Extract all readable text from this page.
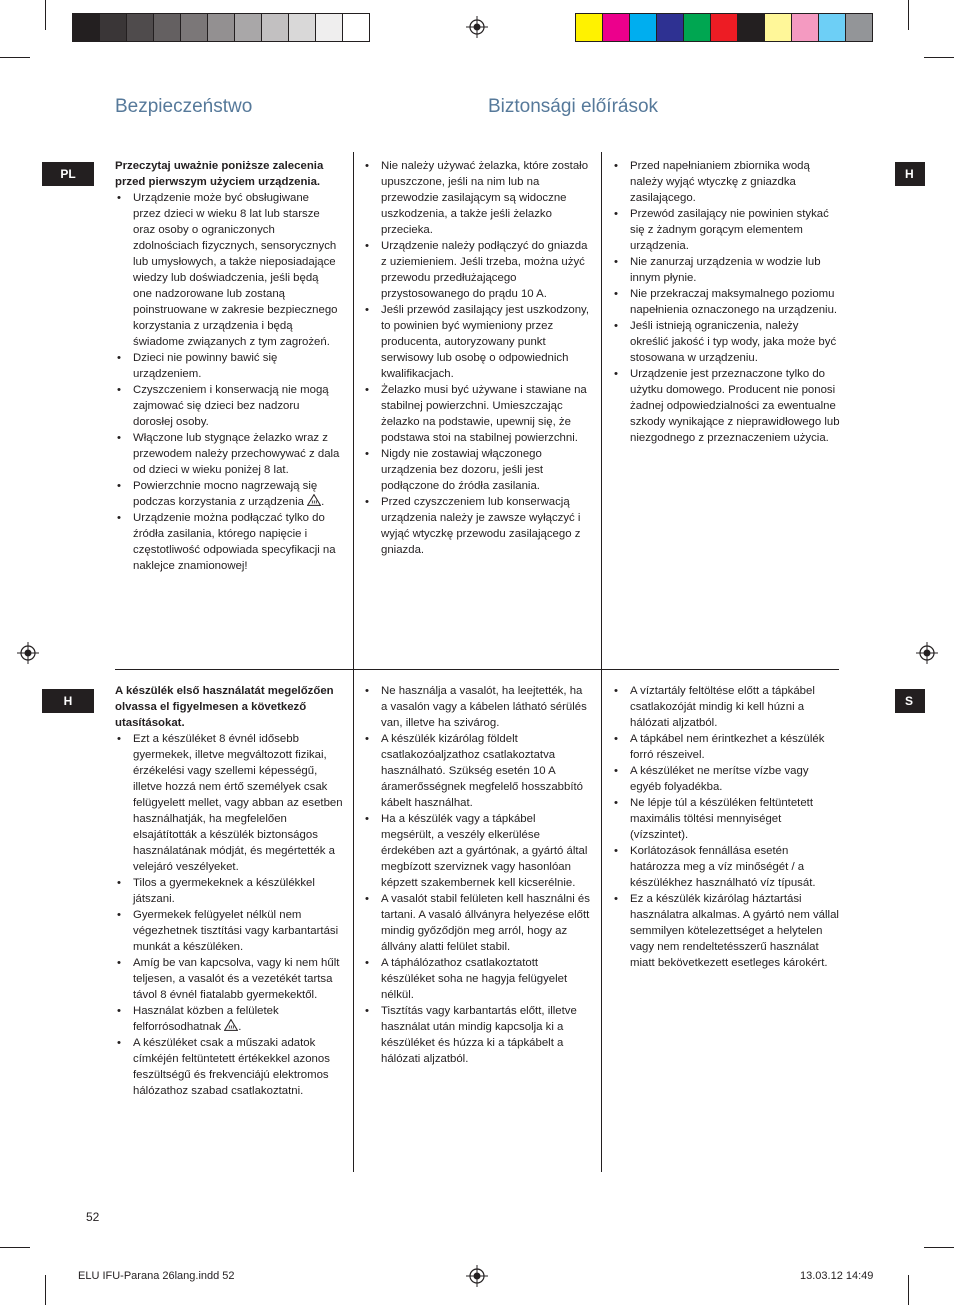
Bezpieczeństwo	Biztonsági előírások
PL	H
H	S
Przeczytaj uważnie poniższe zalecenia przed pierwszym użyciem urządzenia.
• Urządzenie może być obsługiwane przez dzieci w wieku 8 lat lub starsze oraz osoby o ograniczonych zdolnościach fizycznych, sensorycznych lub umysłowych, a także nieposiadające wiedzy lub doświadczenia, jeśli będą one nadzorowane lub zostaną poinstruowane w zakresie bezpiecznego korzystania z urządzenia i będą świadome związanych z tym zagrożeń.
• Dzieci nie powinny bawić się urządzeniem.
• Czyszczeniem i konserwacją nie mogą zajmować się dzieci bez nadzoru dorosłej osoby.
• Włączone lub stygnące żelazko wraz z przewodem należy przechowywać z dala od dzieci w wieku poniżej 8 lat.
• Powierzchnie mocno nagrzewają się podczas korzystania z urządzenia .
• Urządzenie można podłączać tylko do źródła zasilania, którego napięcie i częstotliwość odpowiada specyfikacji na naklejce znamionowej!
• Nie należy używać żelazka, które zostało upuszczone, jeśli na nim lub na przewodzie zasilającym są widoczne uszkodzenia, a także jeśli żelazko przecieka.
• Urządzenie należy podłączyć do gniazda z uziemieniem. Jeśli trzeba, można użyć przewodu przedłużającego przystosowanego do prądu 10 A.
• Jeśli przewód zasilający jest uszkodzony, to powinien być wymieniony przez producenta, autoryzowany punkt serwisowy lub osobę o odpowiednich kwalifikacjach.
• Żelazko musi być używane i stawiane na stabilnej powierzchni. Umieszczając żelazko na podstawie, upewnij się, że podstawa stoi na stabilnej powierzchni.
• Nigdy nie zostawiaj włączonego urządzenia bez dozoru, jeśli jest podłączone do źródła zasilania.
• Przed czyszczeniem lub konserwacją urządzenia należy je zawsze wyłączyć i wyjąć wtyczkę przewodu zasilającego z gniazda.
• Przed napełnianiem zbiornika wodą należy wyjąć wtyczkę z gniazdka zasilającego.
• Przewód zasilający nie powinien stykać się z żadnym gorącym elementem urządzenia.
• Nie zanurzaj urządzenia w wodzie lub innym płynie.
• Nie przekraczaj maksymalnego poziomu napełnienia oznaczonego na urządzeniu.
• Jeśli istnieją ograniczenia, należy określić jakość i typ wody, jaka może być stosowana w urządzeniu.
• Urządzenie jest przeznaczone tylko do użytku domowego. Producent nie ponosi żadnej odpowiedzialności za ewentualne szkody wynikające z nieprawidłowego lub niezgodnego z przeznaczeniem użycia.
A készülék első használatát megelőzően olvassa el figyelmesen a következő utasításokat.
• Ezt a készüléket 8 évnél idősebb gyermekek, illetve megváltozott fizikai, érzékelési vagy szellemi képességű, illetve hozzá nem értő személyek csak felügyelett mellet, vagy abban az esetben használhatják, ha megfelelően elsajátították a készülék biztonságos használatának módját, és megértették a velejáró veszélyeket.
• Tilos a gyermekeknek a készülékkel játszani.
• Gyermekek felügyelet nélkül nem végezhetnek tisztítási vagy karbantartási munkát a készüléken.
• Amíg be van kapcsolva, vagy ki nem hűlt teljesen, a vasalót és a vezetékét tartsa távol 8 évnél fiatalabb gyermekektől.
• Használat közben a felületek felforrósodhatnak .
• A készüléket csak a műszaki adatok címkéjén feltüntetett értékekkel azonos feszültségű és frekvenciájú elektromos hálózathoz szabad csatlakoztatni.
• Ne használja a vasalót, ha leejtették, ha a vasalón vagy a kábelen látható sérülés van, illetve ha szivárog.
• A készülék kizárólag földelt csatlakozóaljzathoz csatlakoztatva használható. Szükség esetén 10 A áramerősségnek megfelelő hosszabbító kábelt használhat.
• Ha a készülék vagy a tápkábel megsérült, a veszély elkerülése érdekében azt a gyártónak, a gyártó által megbízott szerviznek vagy hasonlóan képzett szakembernek kell kicserélnie.
• A vasalót stabil felületen kell használni és tartani. A vasaló állványra helyezése előtt mindig győződjön meg arról, hogy az állvány alatti felület stabil.
• A táphálózathoz csatlakoztatott készüléket soha ne hagyja felügyelet nélkül.
• Tisztítás vagy karbantartás előtt, illetve használat után mindig kapcsolja ki a készüléket és húzza ki a tápkábelt a hálózati aljzatból.
• A víztartály feltöltése előtt a tápkábel csatlakozóját mindig ki kell húzni a hálózati aljzatból.
• A tápkábel nem érintkezhet a készülék forró részeivel.
• A készüléket ne merítse vízbe vagy egyéb folyadékba.
• Ne lépje túl a készüléken feltüntetett maximális töltési mennyiséget (vízszintet).
• Korlátozások fennállása esetén határozza meg a víz minőségét / a készülékhez használható víz típusát.
• Ez a készülék kizárólag háztartási használatra alkalmas. A gyártó nem vállal semmilyen kötelezettséget a helytelen vagy nem rendeltetésszerű használat miatt bekövetkezett esetleges károkért.
52
ELU IFU-Parana 26lang.indd 52	13.03.12 14:49
